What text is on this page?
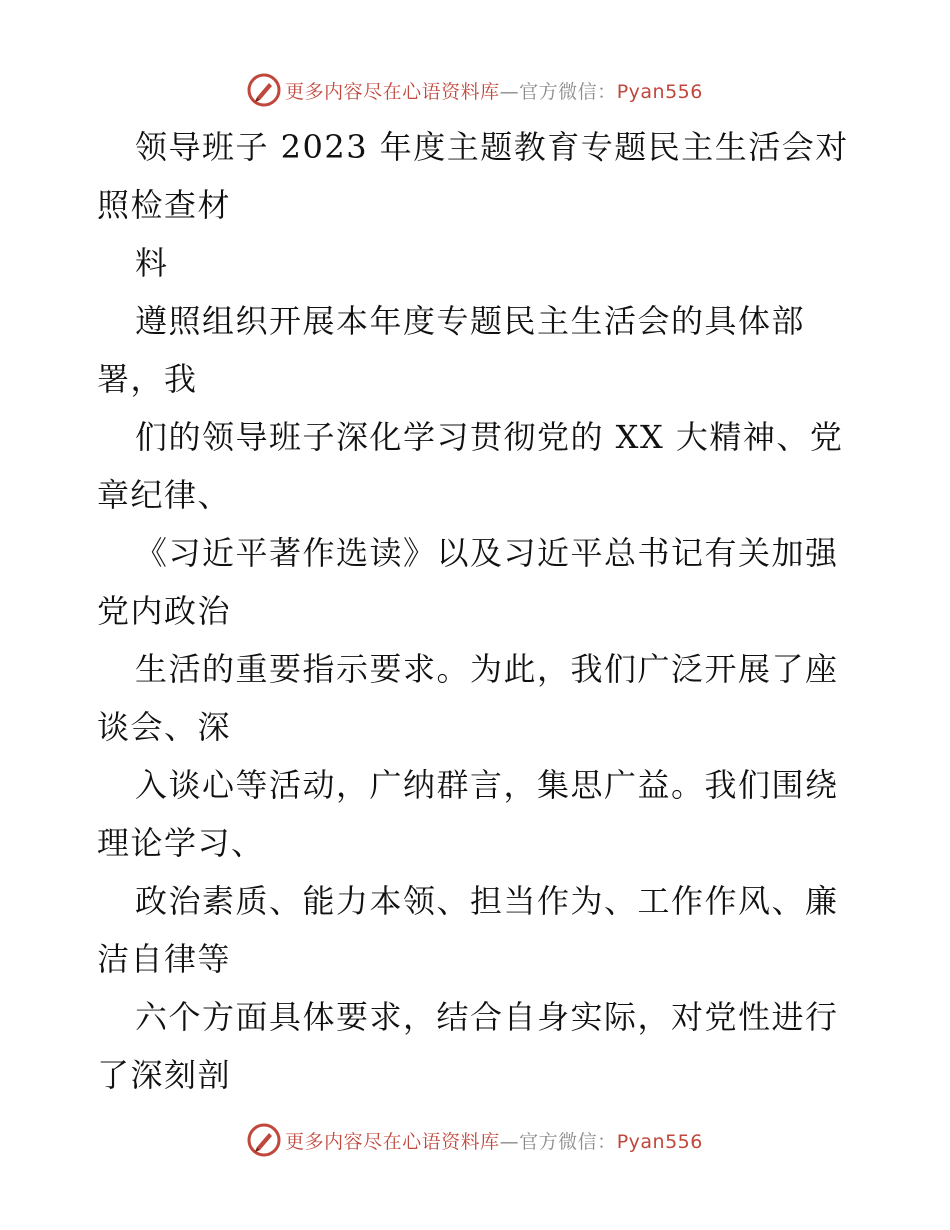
更多内容尽在心语资料库—官方微信：Pyan556
领导班子 2023 年度主题教育专题民主生活会对
照检查材
料
遵照组织开展本年度专题民主生活会的具体部
署，我
们的领导班子深化学习贯彻党的 XX 大精神、党
章纪律、
《习近平著作选读》以及习近平总书记有关加强
党内政治
生活的重要指示要求。为此，我们广泛开展了座
谈会、深
入谈心等活动，广纳群言，集思广益。我们围绕
理论学习、
政治素质、能力本领、担当作为、工作作风、廉
洁自律等
六个方面具体要求，结合自身实际，对党性进行
了深刻剖
更多内容尽在心语资料库—官方微信：Pyan556
